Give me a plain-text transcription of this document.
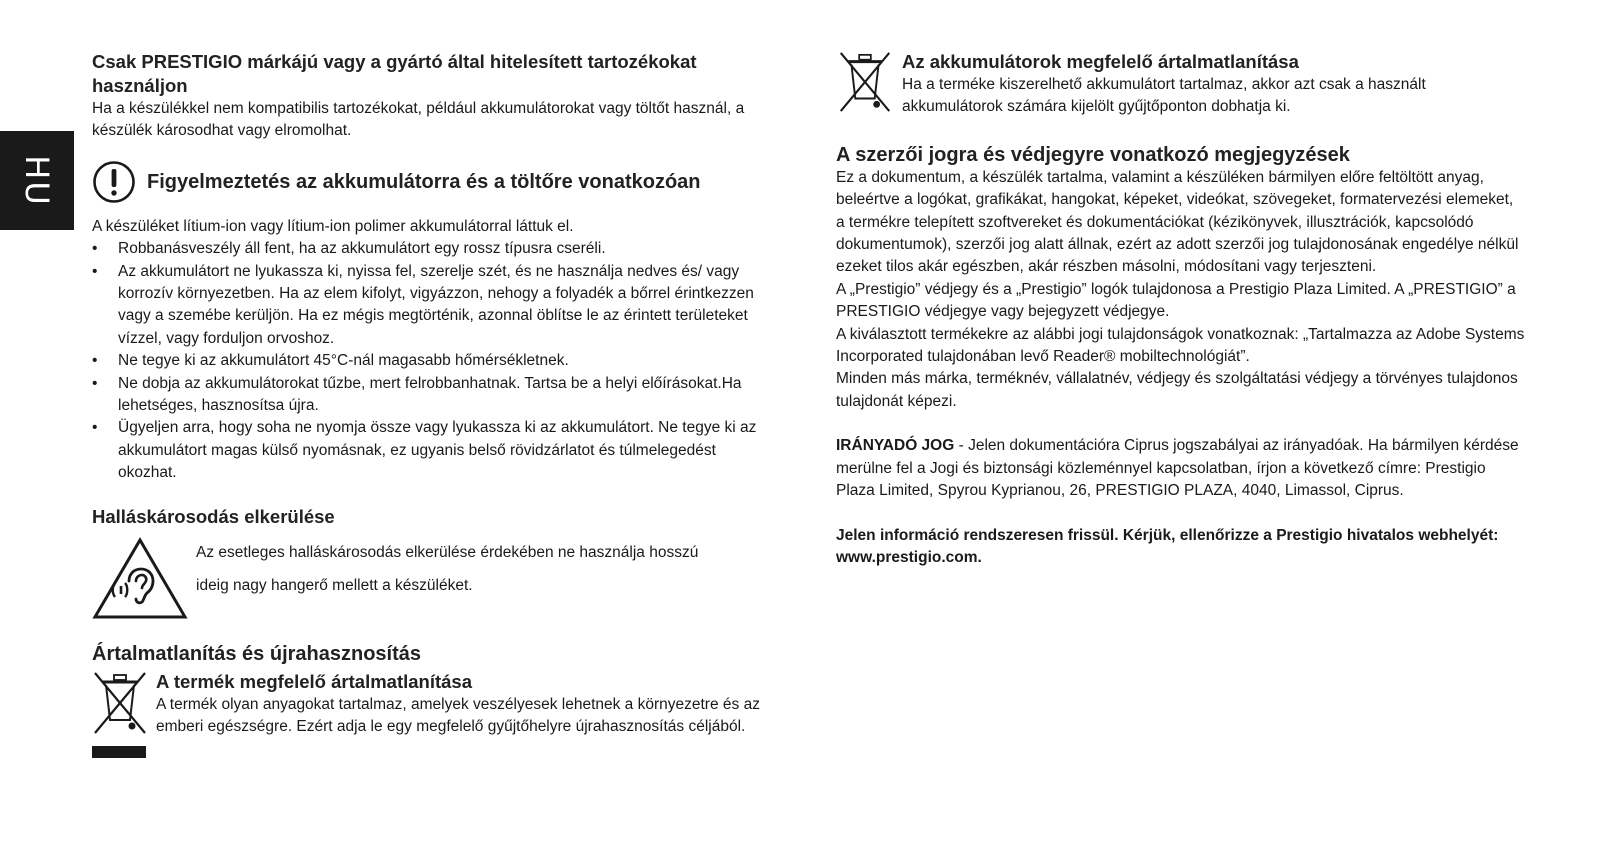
HU
Csak PRESTIGIO márkájú vagy a gyártó által hitelesített tartozékokat használjon

Ha a készülékkel nem kompatibilis tartozékokat, például akkumulátorokat vagy töltőt használ, a készülék károsodhat vagy elromolhat.

Figyelmeztetés az akkumulátorra és a töltőre vonatkozóan

A készüléket lítium-ion vagy lítium-ion polimer akkumulátorral láttuk el.

• Robbanásveszély áll fent, ha az akkumulátort egy rossz típusra cseréli.
• Az akkumulátort ne lyukassza ki, nyissa fel, szerelje szét, és ne használja nedves és/ vagy korrozív környezetben. Ha az elem kifolyt, vigyázzon, nehogy a folyadék a bőrrel érintkezzen vagy a szemébe kerüljön. Ha ez mégis megtörténik, azonnal öblítse le az érintett területeket vízzel, vagy forduljon orvoshoz.
• Ne tegye ki az akkumulátort 45°C-nál magasabb hőmérsékletnek.
• Ne dobja az akkumulátorokat tűzbe, mert felrobbanhatnak. Tartsa be a helyi előírásokat.Ha lehetséges, hasznosítsa újra.
• Ügyeljen arra, hogy soha ne nyomja össze vagy lyukassza ki az akkumulátort. Ne tegye ki az akkumulátort magas külső nyomásnak, ez ugyanis belső rövidzárlatot és túlmelegedést okozhat.
Halláskárosodás elkerülése

Az esetleges halláskárosodás elkerülése érdekében ne használja hosszú

ideig nagy hangerő mellett a készüléket.

Ártalmatlanítás és újrahasznosítás
A termék megfelelő ártalmatlanítása

A termék olyan anyagokat tartalmaz, amelyek veszélyesek lehetnek a környezetre és az emberi egészségre. Ezért adja le egy megfelelő gyűjtőhelyre újrahasznosítás céljából.

Az akkumulátorok megfelelő ártalmatlanítása

Ha a terméke kiszerelhető akkumulátort tartalmaz, akkor azt csak a használt akkumulátorok számára kijelölt gyűjtőponton dobhatja ki.

A szerzői jogra és védjegyre vonatkozó megjegyzések

Ez a dokumentum, a készülék tartalma, valamint a készüléken bármilyen előre feltöltött anyag, beleértve a logókat, grafikákat, hangokat, képeket, videókat, szövegeket, formatervezési elemeket, a termékre telepített szoftvereket és dokumentációkat (kézikönyvek, illusztrációk, kapcsolódó dokumentumok), szerzői jog alatt állnak, ezért az adott szerzői jog tulajdonosának engedélye nélkül ezeket tilos akár egészben, akár részben másolni, módosítani vagy terjeszteni.

A „Prestigio” védjegy és a „Prestigio” logók tulajdonosa a Prestigio Plaza Limited. A „PRESTIGIO” a PRESTIGIO védjegye vagy bejegyzett védjegye.

A kiválasztott termékekre az alábbi jogi tulajdonságok vonatkoznak: „Tartalmazza az Adobe Systems Incorporated tulajdonában levő Reader® mobiltechnológiát”.

Minden más márka, terméknév, vállalatnév, védjegy és szolgáltatási védjegy a törvényes tulajdonos tulajdonát képezi.

IRÁNYADÓ JOG - Jelen dokumentációra Ciprus jogszabályai az irányadóak. Ha bármilyen kérdése merülne fel a Jogi és biztonsági közleménnyel kapcsolatban, írjon a következő címre: Prestigio Plaza Limited, Spyrou Kyprianou, 26, PRESTIGIO PLAZA, 4040, Limassol, Ciprus.

Jelen információ rendszeresen frissül. Kérjük, ellenőrizze a Prestigio hivatalos webhelyét: www.prestigio.com.
